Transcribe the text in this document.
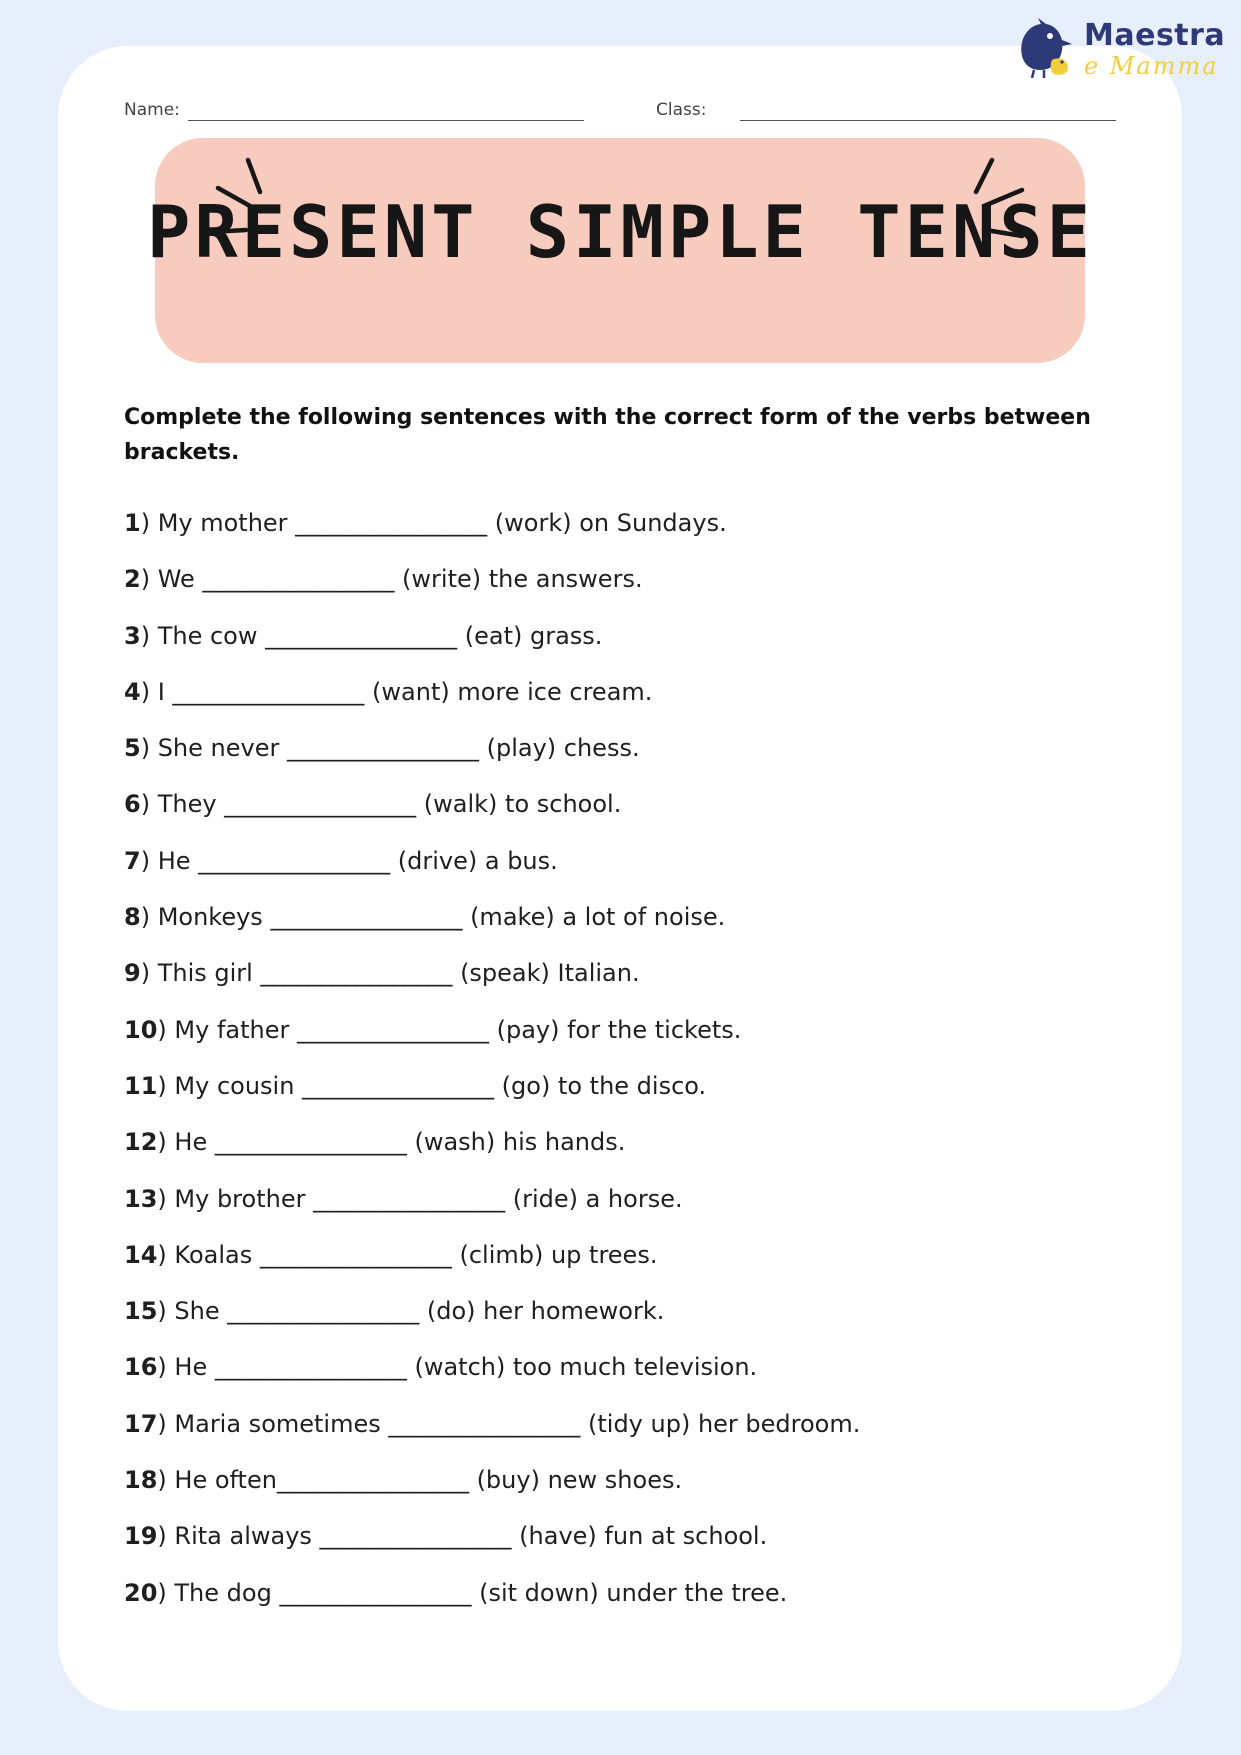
Maestra
e Mamma
Name:	Class:
PRESENT SIMPLE TENSE
Complete the following sentences with the correct form of the verbs between brackets.
1) My mother ________________ (work) on Sundays.
2) We ________________ (write) the answers.
3) The cow ________________ (eat) grass.
4) I ________________ (want) more ice cream.
5) She never ________________ (play) chess.
6) They ________________ (walk) to school.
7) He ________________ (drive) a bus.
8) Monkeys ________________ (make) a lot of noise.
9) This girl ________________ (speak) Italian.
10) My father ________________ (pay) for the tickets.
11) My cousin ________________ (go) to the disco.
12) He ________________ (wash) his hands.
13) My brother ________________ (ride) a horse.
14) Koalas ________________ (climb) up trees.
15) She ________________ (do) her homework.
16) He ________________ (watch) too much television.
17) Maria sometimes ________________ (tidy up) her bedroom.
18) He often________________ (buy) new shoes.
19) Rita always ________________ (have) fun at school.
20) The dog ________________ (sit down) under the tree.
